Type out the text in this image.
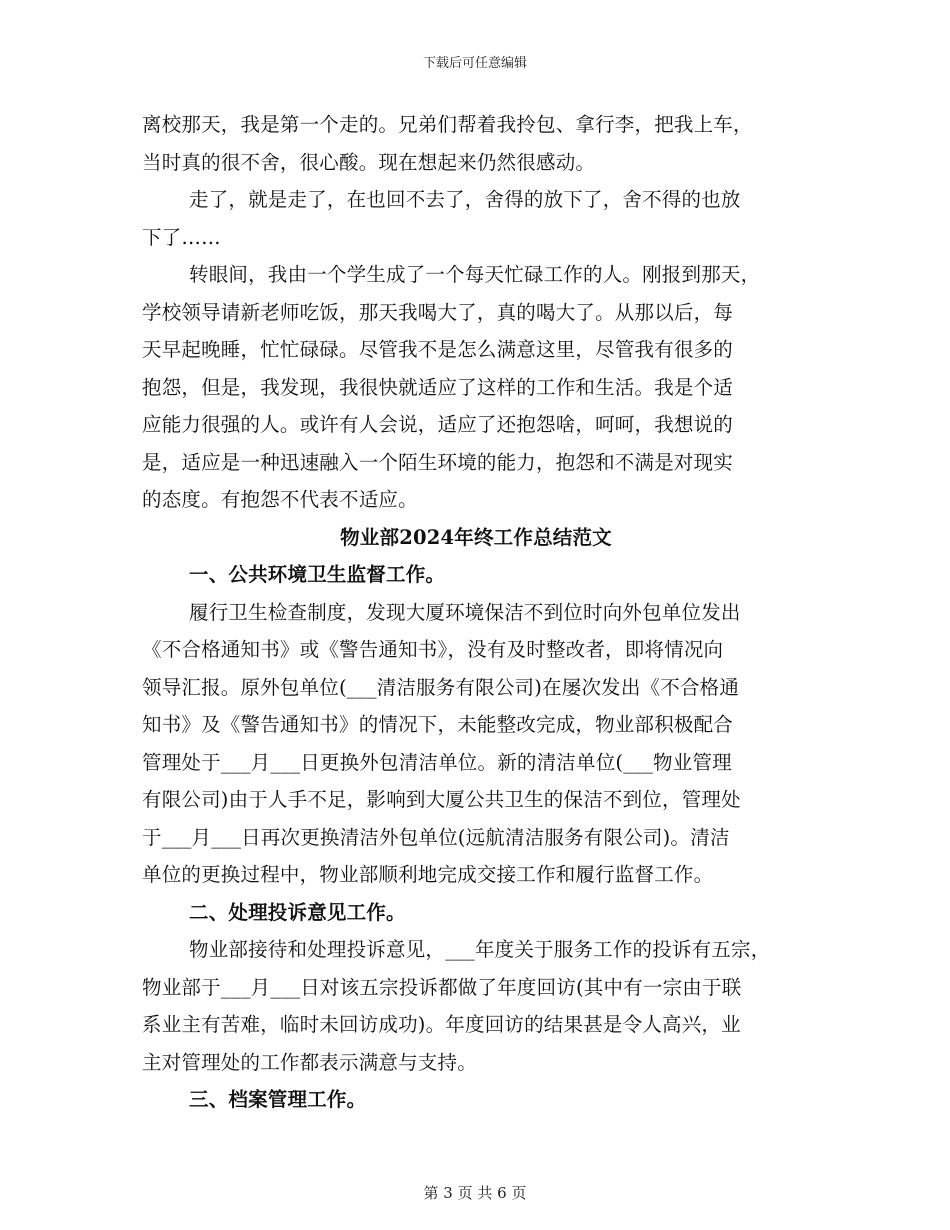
下载后可任意编辑
离校那天，我是第一个走的。兄弟们帮着我拎包、拿行李，把我上车，
当时真的很不舍，很心酸。现在想起来仍然很感动。
走了，就是走了，在也回不去了，舍得的放下了，舍不得的也放
下了……
转眼间，我由一个学生成了一个每天忙碌工作的人。刚报到那天，
学校领导请新老师吃饭，那天我喝大了，真的喝大了。从那以后，每
天早起晚睡，忙忙碌碌。尽管我不是怎么满意这里，尽管我有很多的
抱怨，但是，我发现，我很快就适应了这样的工作和生活。我是个适
应能力很强的人。或许有人会说，适应了还抱怨啥，呵呵，我想说的
是，适应是一种迅速融入一个陌生环境的能力，抱怨和不满是对现实
的态度。有抱怨不代表不适应。
物业部2024年终工作总结范文
一、公共环境卫生监督工作。
履行卫生检查制度，发现大厦环境保洁不到位时向外包单位发出
《不合格通知书》或《警告通知书》，没有及时整改者，即将情况向
领导汇报。原外包单位(___清洁服务有限公司)在屡次发出《不合格通
知书》及《警告通知书》的情况下，未能整改完成，物业部积极配合
管理处于___月___日更换外包清洁单位。新的清洁单位(___物业管理
有限公司)由于人手不足，影响到大厦公共卫生的保洁不到位，管理处
于___月___日再次更换清洁外包单位(远航清洁服务有限公司)。清洁
单位的更换过程中，物业部顺利地完成交接工作和履行监督工作。
二、处理投诉意见工作。
物业部接待和处理投诉意见，___年度关于服务工作的投诉有五宗，
物业部于___月___日对该五宗投诉都做了年度回访(其中有一宗由于联
系业主有苦难，临时未回访成功)。年度回访的结果甚是令人高兴，业
主对管理处的工作都表示满意与支持。
三、档案管理工作。
第 3 页 共 6 页
